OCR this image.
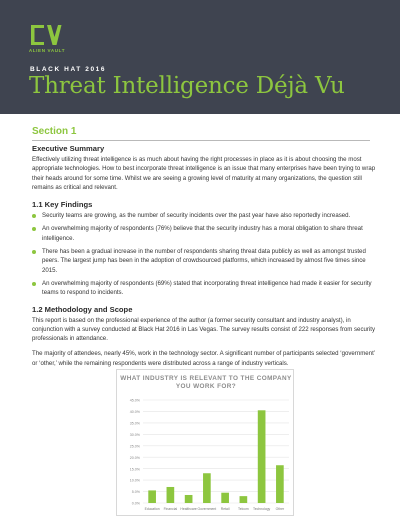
ALIEN VAULT
BLACK HAT 2016
Threat Intelligence Déjà Vu
Section 1
Executive Summary

Effectively utilizing threat intelligence is as much about having the right processes in place as it is about choosing the most appropriate technologies. How to best incorporate threat intelligence is an issue that many enterprises have been trying to wrap their heads around for some time. Whilst we are seeing a growing level of maturity at many organizations, the question still remains as critical and relevant.

1.1 Key Findings
Security teams are growing, as the number of security incidents over the past year have also reportedly increased.
An overwhelming majority of respondents (76%) believe that the security industry has a moral obligation to share threat intelligence.
There has been a gradual increase in the number of respondents sharing threat data publicly as well as amongst trusted peers. The largest jump has been in the adoption of crowdsourced platforms, which increased by almost five times since 2015.
An overwhelming majority of respondents (69%) stated that incorporating threat intelligence had made it easier for security teams to respond to incidents.
1.2 Methodology and Scope

This report is based on the professional experience of the author (a former security consultant and industry analyst), in conjunction with a survey conducted at Black Hat 2016 in Las Vegas. The survey results consist of 222 responses from security professionals in attendance.

The majority of attendees, nearly 45%, work in the technology sector. A significant number of participants selected ‘government’ or ‘other,’ while the remaining respondents were distributed across a range of industry verticals.

WHAT INDUSTRY IS RELEVANT TO THE COMPANY YOU WORK FOR?
0.0%
5.0%
10.0%
15.0%
20.0%
25.0%
30.0%
35.0%
40.0%
45.0%
Education Financial Healthcare Government Retail	Telcom Technology Other
